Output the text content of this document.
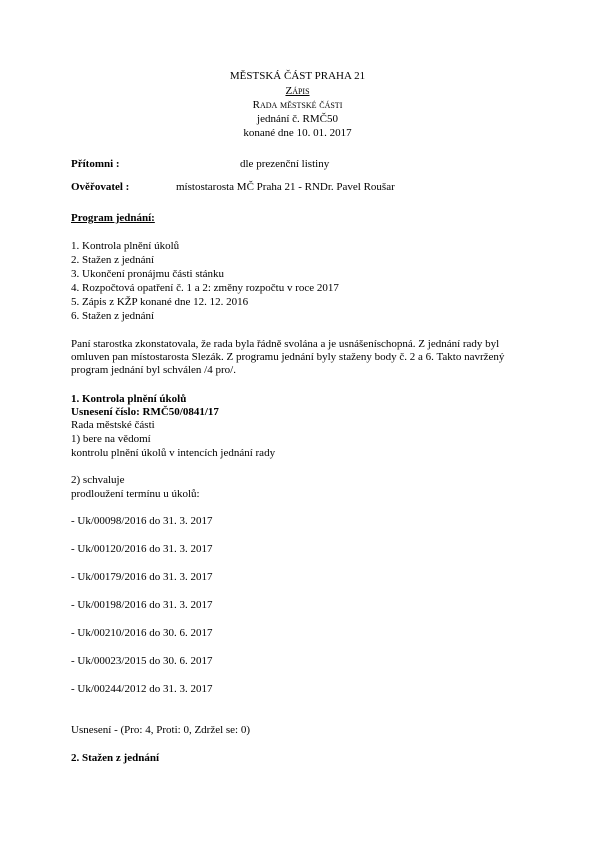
MĚSTSKÁ ČÁST PRAHA 21
Zápis
Rada městské části
jednání č. RMČ50
konané dne 10. 01. 2017
Přítomni :	dle prezenční listiny
Ověřovatel :	místostarosta MČ Praha 21 - RNDr. Pavel Roušar
Program jednání:
1. Kontrola plnění úkolů
2. Stažen z jednání
3. Ukončení pronájmu části stánku
4. Rozpočtová opatření č. 1 a 2: změny rozpočtu v roce 2017
5. Zápis z KŽP konané dne 12. 12. 2016
6. Stažen z jednání
Paní starostka zkonstatovala, že rada byla řádně svolána a je usnášeníschopná. Z jednání rady byl omluven pan místostarosta Slezák. Z programu jednání byly staženy body č. 2 a 6. Takto navržený program jednání byl schválen /4 pro/.
1. Kontrola plnění úkolů
Usnesení číslo: RMČ50/0841/17
Rada městské části
1) bere na vědomí
kontrolu plnění úkolů v intencích jednání rady
2) schvaluje
prodloužení termínu u úkolů:
- Uk/00098/2016 do 31. 3. 2017
- Uk/00120/2016 do 31. 3. 2017
- Uk/00179/2016 do 31. 3. 2017
- Uk/00198/2016 do 31. 3. 2017
- Uk/00210/2016 do 30. 6. 2017
- Uk/00023/2015 do 30. 6. 2017
- Uk/00244/2012 do 31. 3. 2017
Usnesení - (Pro: 4, Proti: 0, Zdržel se: 0)
2. Stažen z jednání
